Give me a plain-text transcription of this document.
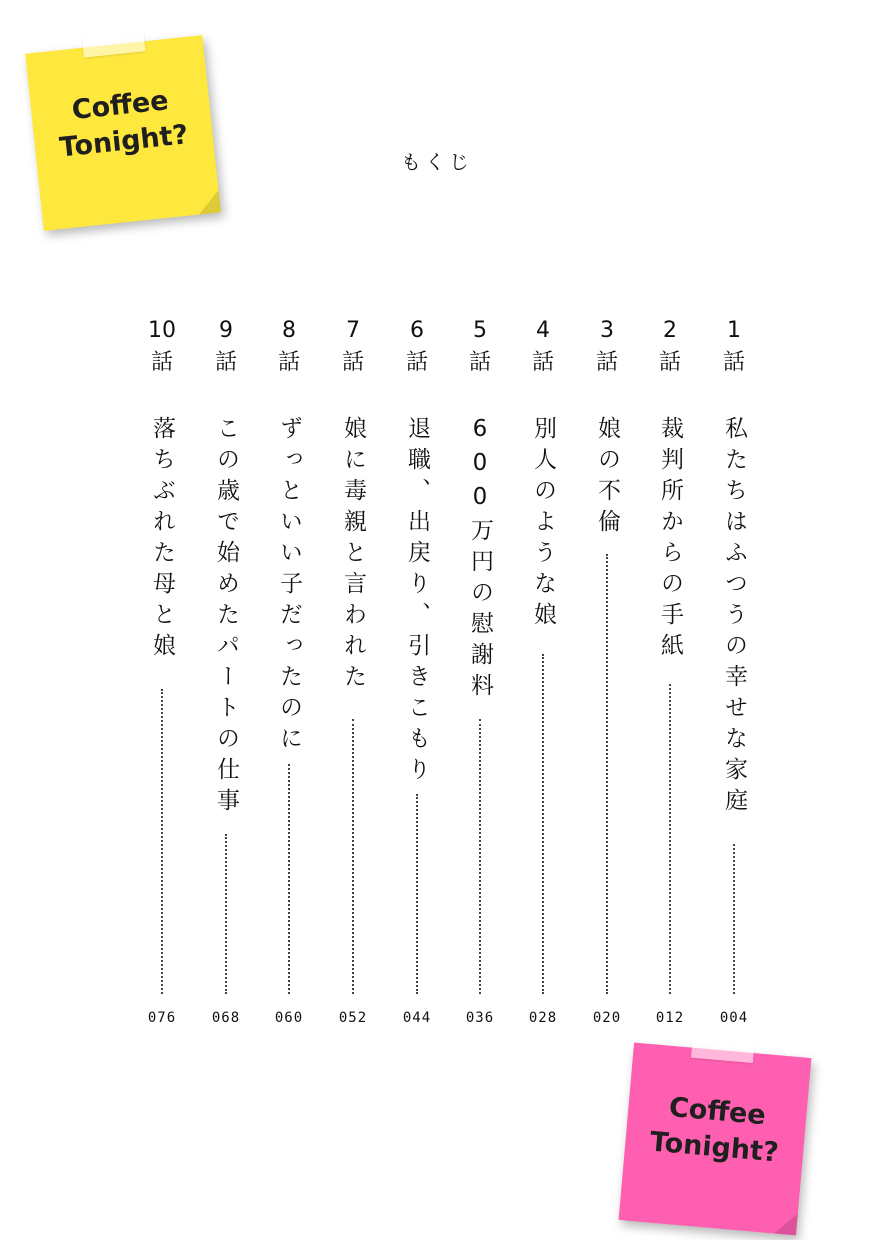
もくじ
1
話
私たちはふつうの幸せな家庭
004
2
話
裁判所からの手紙
012
3
話
娘の不倫
020
4
話
別人のような娘
028
5
話
600万円の慰謝料
036
6
話
退職、出戻り、引きこもり
044
7
話
娘に毒親と言われた
052
8
話
ずっといい子だったのに
060
9
話
この歳で始めたパートの仕事
068
10
話
落ちぶれた母と娘
076
Coffee Tonight?
Coffee Tonight?
